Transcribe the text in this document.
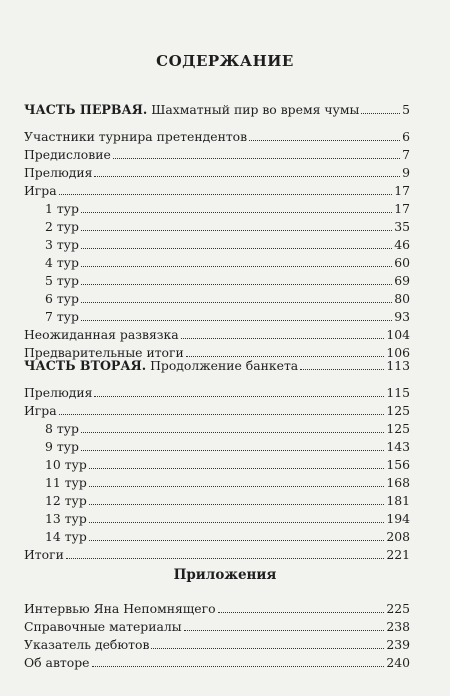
СОДЕРЖАНИЕ
ЧАСТЬ ПЕРВАЯ. Шахматный пир во время чумы	5
Участники турнира претендентов	6
Предисловие	7
Прелюдия	9
Игра	17
1 тур	17
2 тур	35
3 тур	46
4 тур	60
5 тур	69
6 тур	80
7 тур	93
Неожиданная развязка	104
Предварительные итоги	106
ЧАСТЬ ВТОРАЯ. Продолжение банкета	113
Прелюдия	115
Игра	125
8 тур	125
9 тур	143
10 тур	156
11 тур	168
12 тур	181
13 тур	194
14 тур	208
Итоги	221
Интервью Яна Непомнящего	225
Справочные материалы	238
Указатель дебютов	239
Об авторе	240
Приложения
